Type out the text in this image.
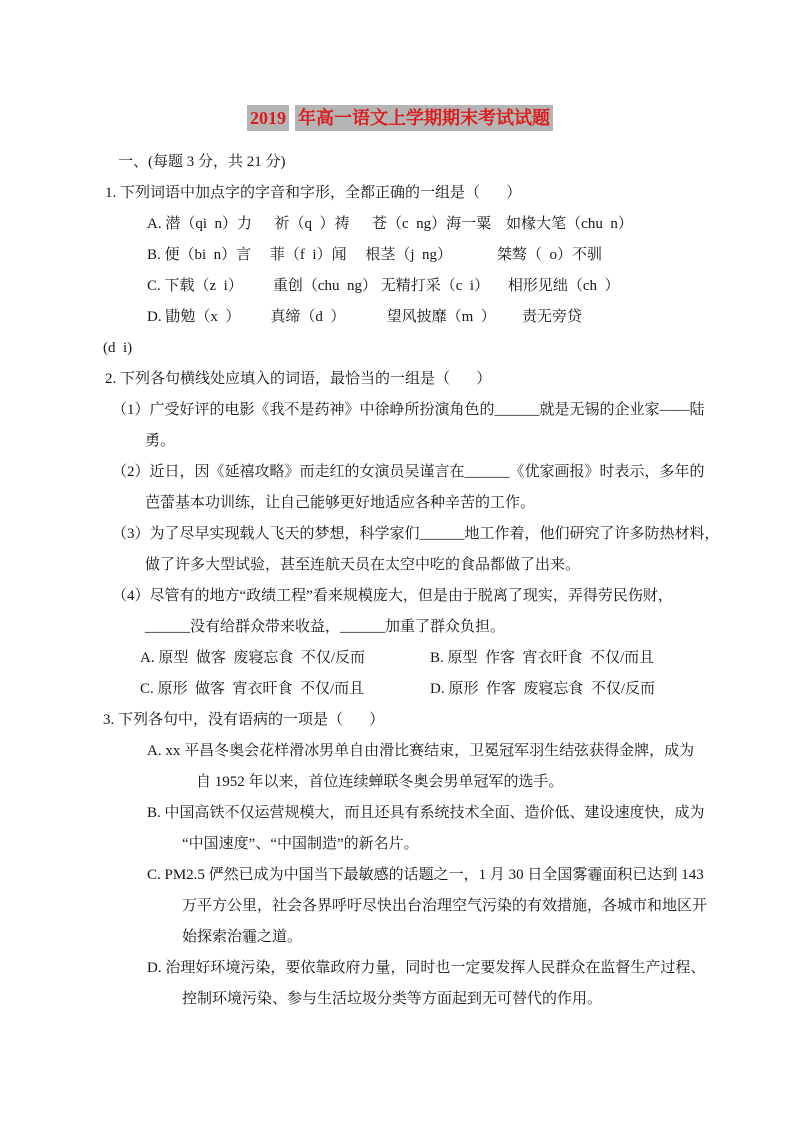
2019 年高一语文上学期期末考试试题
一、(每题 3 分，共 21 分)
1. 下列词语中加点字的字音和字形，全都正确的一组是（       ）
A. 潜（qi  n）力      祈（q  ）祷      苍（c  ng）海一粟    如椽大笔（chu  n）
B. 便（bi  n）言     菲（f  i）闻     根茎（j  ng）            桀骜（  o）不驯
C. 下载（z  i）        重创（chu  ng） 无精打采（c  i）     相形见绌（ch  ）
D. 勖勉（x  ）        真缔（d  ）           望风披靡（m  ）       责无旁贷
(d  i)
2. 下列各句横线处应填入的词语，最恰当的一组是（       ）
（1）广受好评的电影《我不是药神》中徐峥所扮演角色的______就是无锡的企业家——陆
勇。
（2）近日，因《延禧攻略》而走红的女演员吴谨言在______《优家画报》时表示，多年的
芭蕾基本功训练，让自己能够更好地适应各种辛苦的工作。
（3）为了尽早实现载人飞天的梦想，科学家们______地工作着，他们研究了许多防热材料，
做了许多大型试验，甚至连航天员在太空中吃的食品都做了出来。
（4）尽管有的地方“政绩工程”看来规模庞大，但是由于脱离了现实，弄得劳民伤财，
______没有给群众带来收益，______加重了群众负担。
A. 原型  做客  废寝忘食  不仅/反而	B. 原型  作客  宵衣旰食  不仅/而且
C. 原形  做客  宵衣旰食  不仅/而且	D. 原形  作客  废寝忘食  不仅/反而
3. 下列各句中，没有语病的一项是（       ）
A. xx 平昌冬奥会花样滑冰男单自由滑比赛结束，卫冕冠军羽生结弦获得金牌，成为
自 1952 年以来，首位连续蝉联冬奥会男单冠军的选手。
B. 中国高铁不仅运营规模大，而且还具有系统技术全面、造价低、建设速度快，成为
“中国速度”、“中国制造”的新名片。
C. PM2.5 俨然已成为中国当下最敏感的话题之一，1 月 30 日全国雾霾面积已达到 143
万平方公里，社会各界呼吁尽快出台治理空气污染的有效措施，各城市和地区开
始探索治霾之道。
D. 治理好环境污染，要依靠政府力量，同时也一定要发挥人民群众在监督生产过程、
控制环境污染、参与生活垃圾分类等方面起到无可替代的作用。
